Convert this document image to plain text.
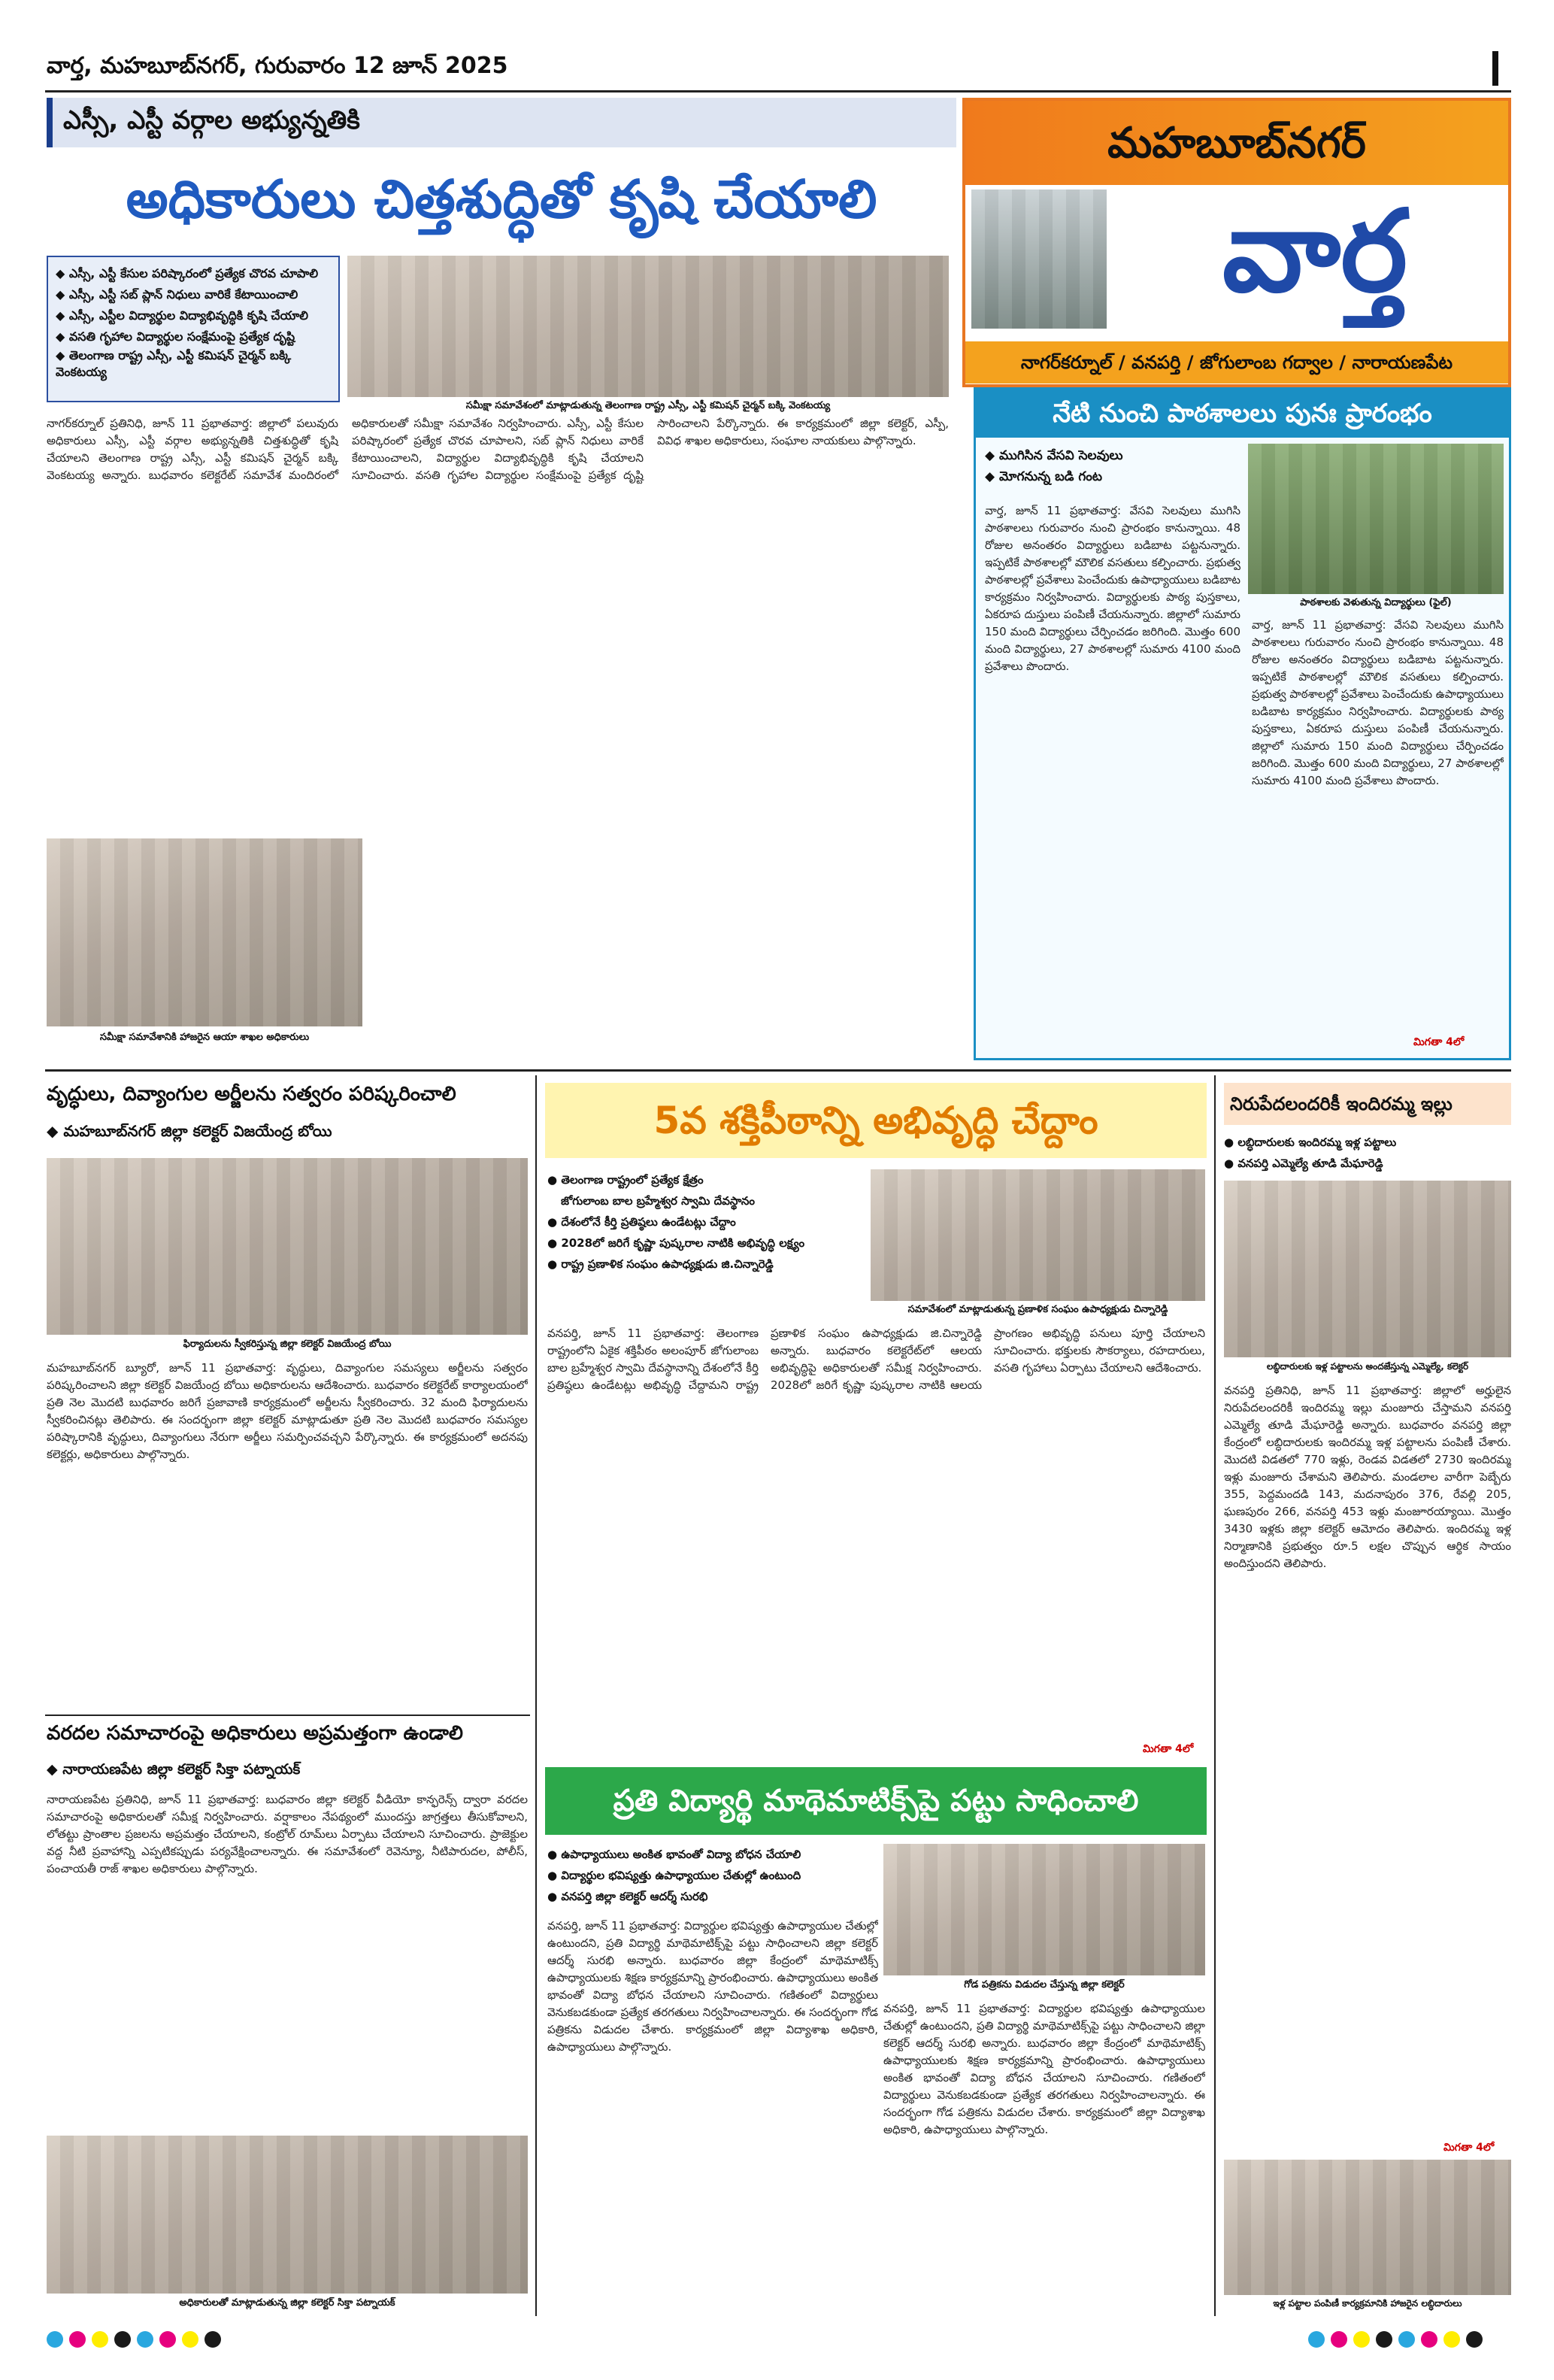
వార్త, మహబూబ్‌నగర్, గురువారం 12 జూన్ 2025
ఎస్సీ, ఎస్టీ వర్గాల అభ్యున్నతికి	మహబూబ్‌నగర్
వార్త
నాగర్‌కర్నూల్ / వనపర్తి / జోగులాంబ గద్వాల / నారాయణపేట
అధికారులు చిత్తశుద్ధితో కృషి చేయాలి
◆ ఎస్సీ, ఎస్టీ కేసుల పరిష్కారంలో ప్రత్యేక చొరవ చూపాలి
◆ ఎస్సీ, ఎస్టీ సబ్ ప్లాన్ నిధులు వారికే కేటాయించాలి
◆ ఎస్సీ, ఎస్టీల విద్యార్థుల విద్యాభివృద్ధికి కృషి చేయాలి
◆ వసతి గృహాల విద్యార్థుల సంక్షేమంపై ప్రత్యేక దృష్టి
◆ తెలంగాణ రాష్ట్ర ఎస్సీ, ఎస్టీ కమిషన్ చైర్మన్ బక్కి వెంకటయ్య
సమీక్షా సమావేశంలో మాట్లాడుతున్న తెలంగాణ రాష్ట్ర ఎస్సీ, ఎస్టీ కమిషన్ చైర్మన్ బక్కి వెంకటయ్య
నాగర్‌కర్నూల్ ప్రతినిధి, జూన్ 11 ప్రభాతవార్త: జిల్లాలో పలువురు అధికారులు ఎస్సీ, ఎస్టీ వర్గాల అభ్యున్నతికి చిత్తశుద్ధితో కృషి చేయాలని తెలంగాణ రాష్ట్ర ఎస్సీ, ఎస్టీ కమిషన్ చైర్మన్ బక్కి వెంకటయ్య అన్నారు. బుధవారం కలెక్టరేట్ సమావేశ మందిరంలో అధికారులతో సమీక్షా సమావేశం నిర్వహించారు. ఎస్సీ, ఎస్టీ కేసుల పరిష్కారంలో ప్రత్యేక చొరవ చూపాలని, సబ్ ప్లాన్ నిధులు వారికే కేటాయించాలని, విద్యార్థుల విద్యాభివృద్ధికి కృషి చేయాలని సూచించారు. వసతి గృహాల విద్యార్థుల సంక్షేమంపై ప్రత్యేక దృష్టి సారించాలని పేర్కొన్నారు. ఈ కార్యక్రమంలో జిల్లా కలెక్టర్, ఎస్పీ, వివిధ శాఖల అధికారులు, సంఘాల నాయకులు పాల్గొన్నారు.
సమీక్షా సమావేశానికి హాజరైన ఆయా శాఖల అధికారులు
నేటి నుంచి పాఠశాలలు పునః ప్రారంభం
◆ ముగిసిన వేసవి సెలవులు
◆ మోగనున్న బడి గంట
పాఠశాలకు వెళుతున్న విద్యార్థులు (ఫైల్)
వార్త, జూన్ 11 ప్రభాతవార్త: వేసవి సెలవులు ముగిసి పాఠశాలలు గురువారం నుంచి ప్రారంభం కానున్నాయి. 48 రోజుల అనంతరం విద్యార్థులు బడిబాట పట్టనున్నారు. ఇప్పటికే పాఠశాలల్లో మౌలిక వసతులు కల్పించారు. ప్రభుత్వ పాఠశాలల్లో ప్రవేశాలు పెంచేందుకు ఉపాధ్యాయులు బడిబాట కార్యక్రమం నిర్వహించారు. విద్యార్థులకు పాఠ్య పుస్తకాలు, ఏకరూప దుస్తులు పంపిణీ చేయనున్నారు. జిల్లాలో సుమారు 150 మంది విద్యార్థులు చేర్పించడం జరిగింది. మొత్తం 600 మంది విద్యార్థులు, 27 పాఠశాలల్లో సుమారు 4100 మంది ప్రవేశాలు పొందారు.
వార్త, జూన్ 11 ప్రభాతవార్త: వేసవి సెలవులు ముగిసి పాఠశాలలు గురువారం నుంచి ప్రారంభం కానున్నాయి. 48 రోజుల అనంతరం విద్యార్థులు బడిబాట పట్టనున్నారు. ఇప్పటికే పాఠశాలల్లో మౌలిక వసతులు కల్పించారు. ప్రభుత్వ పాఠశాలల్లో ప్రవేశాలు పెంచేందుకు ఉపాధ్యాయులు బడిబాట కార్యక్రమం నిర్వహించారు. విద్యార్థులకు పాఠ్య పుస్తకాలు, ఏకరూప దుస్తులు పంపిణీ చేయనున్నారు. జిల్లాలో సుమారు 150 మంది విద్యార్థులు చేర్పించడం జరిగింది. మొత్తం 600 మంది విద్యార్థులు, 27 పాఠశాలల్లో సుమారు 4100 మంది ప్రవేశాలు పొందారు.
మిగతా 4లో
వృద్ధులు, దివ్యాంగుల అర్జీలను సత్వరం పరిష్కరించాలి
◆ మహబూబ్‌నగర్ జిల్లా కలెక్టర్ విజయేంద్ర బోయి
ఫిర్యాదులను స్వీకరిస్తున్న జిల్లా కలెక్టర్ విజయేంద్ర బోయి
మహబూబ్‌నగర్ బ్యూరో, జూన్ 11 ప్రభాతవార్త: వృద్ధులు, దివ్యాంగుల సమస్యలు అర్జీలను సత్వరం పరిష్కరించాలని జిల్లా కలెక్టర్ విజయేంద్ర బోయి అధికారులను ఆదేశించారు. బుధవారం కలెక్టరేట్ కార్యాలయంలో ప్రతి నెల మొదటి బుధవారం జరిగే ప్రజావాణి కార్యక్రమంలో అర్జీలను స్వీకరించారు. 32 మంది ఫిర్యాదులను స్వీకరించినట్లు తెలిపారు. ఈ సందర్భంగా జిల్లా కలెక్టర్ మాట్లాడుతూ ప్రతి నెల మొదటి బుధవారం సమస్యల పరిష్కారానికి వృద్ధులు, దివ్యాంగులు నేరుగా అర్జీలు సమర్పించవచ్చని పేర్కొన్నారు. ఈ కార్యక్రమంలో అదనపు కలెక్టర్లు, అధికారులు పాల్గొన్నారు.
వరదల సమాచారంపై అధికారులు అప్రమత్తంగా ఉండాలి
◆ నారాయణపేట జిల్లా కలెక్టర్ సిక్తా పట్నాయక్
నారాయణపేట ప్రతినిధి, జూన్ 11 ప్రభాతవార్త: బుధవారం జిల్లా కలెక్టర్ వీడియో కాన్ఫరెన్స్ ద్వారా వరదల సమాచారంపై అధికారులతో సమీక్ష నిర్వహించారు. వర్షాకాలం నేపథ్యంలో ముందస్తు జాగ్రత్తలు తీసుకోవాలని, లోతట్టు ప్రాంతాల ప్రజలను అప్రమత్తం చేయాలని, కంట్రోల్ రూమ్‌లు ఏర్పాటు చేయాలని సూచించారు. ప్రాజెక్టుల వద్ద నీటి ప్రవాహాన్ని ఎప్పటికప్పుడు పర్యవేక్షించాలన్నారు. ఈ సమావేశంలో రెవెన్యూ, నీటిపారుదల, పోలీస్, పంచాయతీ రాజ్ శాఖల అధికారులు పాల్గొన్నారు.
అధికారులతో మాట్లాడుతున్న జిల్లా కలెక్టర్ సిక్తా పట్నాయక్
5వ శక్తిపీఠాన్ని అభివృద్ధి చేద్దాం
● తెలంగాణ రాష్ట్రంలో ప్రత్యేక క్షేత్రం
జోగులాంబ బాల బ్రహ్మేశ్వర స్వామి దేవస్థానం
● దేశంలోనే కీర్తి ప్రతిష్ఠలు ఉండేటట్లు చేద్దాం
● 2028లో జరిగే కృష్ణా పుష్కరాల నాటికి అభివృద్ధి లక్ష్యం
● రాష్ట్ర ప్రణాళిక సంఘం ఉపాధ్యక్షుడు జి.చిన్నారెడ్డి
సమావేశంలో మాట్లాడుతున్న ప్రణాళిక సంఘం ఉపాధ్యక్షుడు చిన్నారెడ్డి
వనపర్తి, జూన్ 11 ప్రభాతవార్త: తెలంగాణ రాష్ట్రంలోని ఏకైక శక్తిపీఠం అలంపూర్ జోగులాంబ బాల బ్రహ్మేశ్వర స్వామి దేవస్థానాన్ని దేశంలోనే కీర్తి ప్రతిష్ఠలు ఉండేటట్లు అభివృద్ధి చేద్దామని రాష్ట్ర ప్రణాళిక సంఘం ఉపాధ్యక్షుడు జి.చిన్నారెడ్డి అన్నారు. బుధవారం కలెక్టరేట్‌లో ఆలయ అభివృద్ధిపై అధికారులతో సమీక్ష నిర్వహించారు. 2028లో జరిగే కృష్ణా పుష్కరాల నాటికి ఆలయ ప్రాంగణం అభివృద్ధి పనులు పూర్తి చేయాలని సూచించారు. భక్తులకు సౌకర్యాలు, రహదారులు, వసతి గృహాలు ఏర్పాటు చేయాలని ఆదేశించారు.
మిగతా 4లో
ప్రతి విద్యార్థి మాథెమాటిక్స్‌పై పట్టు సాధించాలి
● ఉపాధ్యాయులు అంకిత భావంతో విద్యా బోధన చేయాలి
● విద్యార్థుల భవిష్యత్తు ఉపాధ్యాయుల చేతుల్లో ఉంటుంది
● వనపర్తి జిల్లా కలెక్టర్ ఆదర్శ్ సురభి
గోడ పత్రికను విడుదల చేస్తున్న జిల్లా కలెక్టర్
వనపర్తి, జూన్ 11 ప్రభాతవార్త: విద్యార్థుల భవిష్యత్తు ఉపాధ్యాయుల చేతుల్లో ఉంటుందని, ప్రతి విద్యార్థి మాథెమాటిక్స్‌పై పట్టు సాధించాలని జిల్లా కలెక్టర్ ఆదర్శ్ సురభి అన్నారు. బుధవారం జిల్లా కేంద్రంలో మాథెమాటిక్స్ ఉపాధ్యాయులకు శిక్షణ కార్యక్రమాన్ని ప్రారంభించారు. ఉపాధ్యాయులు అంకిత భావంతో విద్యా బోధన చేయాలని సూచించారు. గణితంలో విద్యార్థులు వెనుకబడకుండా ప్రత్యేక తరగతులు నిర్వహించాలన్నారు. ఈ సందర్భంగా గోడ పత్రికను విడుదల చేశారు. కార్యక్రమంలో జిల్లా విద్యాశాఖ అధికారి, ఉపాధ్యాయులు పాల్గొన్నారు.
వనపర్తి, జూన్ 11 ప్రభాతవార్త: విద్యార్థుల భవిష్యత్తు ఉపాధ్యాయుల చేతుల్లో ఉంటుందని, ప్రతి విద్యార్థి మాథెమాటిక్స్‌పై పట్టు సాధించాలని జిల్లా కలెక్టర్ ఆదర్శ్ సురభి అన్నారు. బుధవారం జిల్లా కేంద్రంలో మాథెమాటిక్స్ ఉపాధ్యాయులకు శిక్షణ కార్యక్రమాన్ని ప్రారంభించారు. ఉపాధ్యాయులు అంకిత భావంతో విద్యా బోధన చేయాలని సూచించారు. గణితంలో విద్యార్థులు వెనుకబడకుండా ప్రత్యేక తరగతులు నిర్వహించాలన్నారు. ఈ సందర్భంగా గోడ పత్రికను విడుదల చేశారు. కార్యక్రమంలో జిల్లా విద్యాశాఖ అధికారి, ఉపాధ్యాయులు పాల్గొన్నారు.
నిరుపేదలందరికీ ఇందిరమ్మ ఇల్లు
● లబ్ధిదారులకు ఇందిరమ్మ ఇళ్ల పట్టాలు
● వనపర్తి ఎమ్మెల్యే తూడి మేఘారెడ్డి
లబ్ధిదారులకు ఇళ్ల పట్టాలను అందజేస్తున్న ఎమ్మెల్యే, కలెక్టర్
వనపర్తి ప్రతినిధి, జూన్ 11 ప్రభాతవార్త: జిల్లాలో అర్హులైన నిరుపేదలందరికీ ఇందిరమ్మ ఇల్లు మంజూరు చేస్తామని వనపర్తి ఎమ్మెల్యే తూడి మేఘారెడ్డి అన్నారు. బుధవారం వనపర్తి జిల్లా కేంద్రంలో లబ్ధిదారులకు ఇందిరమ్మ ఇళ్ల పట్టాలను పంపిణీ చేశారు. మొదటి విడతలో 770 ఇళ్లు, రెండవ విడతలో 2730 ఇందిరమ్మ ఇళ్లు మంజూరు చేశామని తెలిపారు. మండలాల వారీగా పెబ్బేరు 355, పెద్దమందడి 143, మదనాపురం 376, రేవల్లి 205, ఘణపురం 266, వనపర్తి 453 ఇళ్లు మంజూరయ్యాయి. మొత్తం 3430 ఇళ్లకు జిల్లా కలెక్టర్ ఆమోదం తెలిపారు. ఇందిరమ్మ ఇళ్ల నిర్మాణానికి ప్రభుత్వం రూ.5 లక్షల చొప్పున ఆర్థిక సాయం అందిస్తుందని తెలిపారు.
మిగతా 4లో
ఇళ్ల పట్టాల పంపిణీ కార్యక్రమానికి హాజరైన లబ్ధిదారులు
